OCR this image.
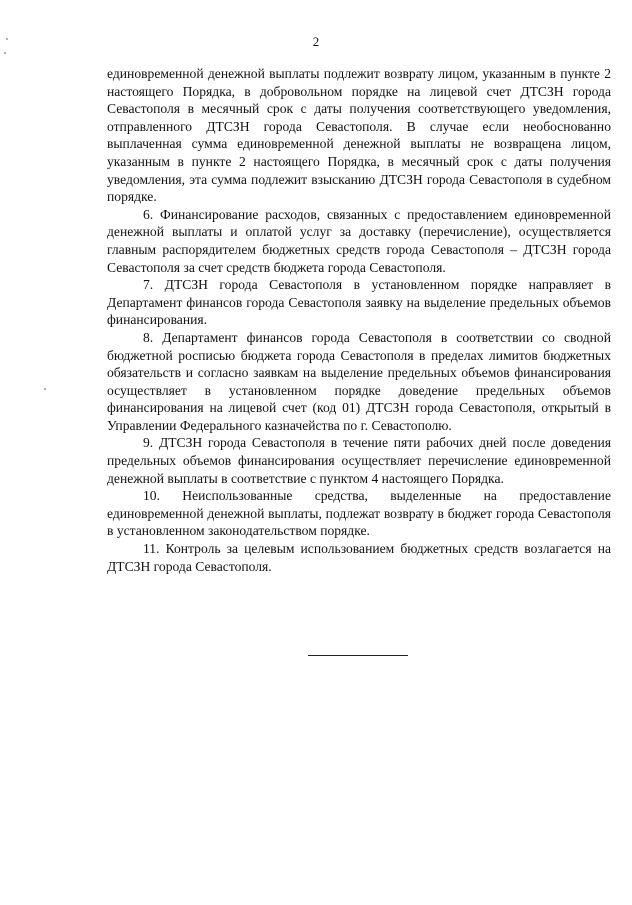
2

единовременной денежной выплаты подлежит возврату лицом, указанным в пункте 2 настоящего Порядка, в добровольном порядке на лицевой счет ДТСЗН города Севастополя в месячный срок с даты получения соответствующего уведомления, отправленного ДТСЗН города Севастополя. В случае если необоснованно выплаченная сумма единовременной денежной выплаты не возвращена лицом, указанным в пункте 2 настоящего Порядка, в месячный срок с даты получения уведомления, эта сумма подлежит взысканию ДТСЗН города Севастополя в судебном порядке.

6. Финансирование расходов, связанных с предоставлением единовременной денежной выплаты и оплатой услуг за доставку (перечисление), осуществляется главным распорядителем бюджетных средств города Севастополя – ДТСЗН города Севастополя за счет средств бюджета города Севастополя.

7. ДТСЗН города Севастополя в установленном порядке направляет в Департамент финансов города Севастополя заявку на выделение предельных объемов финансирования.

8. Департамент финансов города Севастополя в соответствии со сводной бюджетной росписью бюджета города Севастополя в пределах лимитов бюджетных обязательств и согласно заявкам на выделение предельных объемов финансирования осуществляет в установленном порядке доведение предельных объемов финансирования на лицевой счет (код 01) ДТСЗН города Севастополя, открытый в Управлении Федерального казначейства по г. Севастополю.

9. ДТСЗН города Севастополя в течение пяти рабочих дней после доведения предельных объемов финансирования осуществляет перечисление единовременной денежной выплаты в соответствие с пунктом 4 настоящего Порядка.

10. Неиспользованные средства, выделенные на предоставление единовременной денежной выплаты, подлежат возврату в бюджет города Севастополя в установленном законодательством порядке.

11. Контроль за целевым использованием бюджетных средств возлагается на ДТСЗН города Севастополя.
